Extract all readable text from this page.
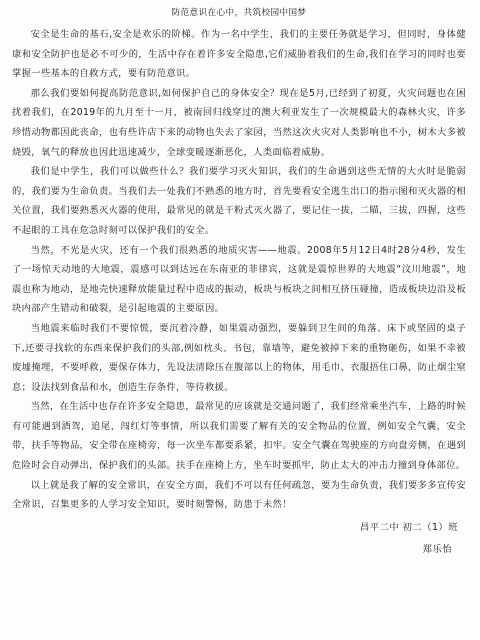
防范意识在心中，共筑校园中国梦

安全是生命的基石,安全是欢乐的阶梯。作为一名中学生，我们的主要任务就是学习，但同时，身体健康和安全防护也是必不可少的，生活中存在着许多安全隐患,它们威胁着我们的生命,我们在学习的同时也要掌握一些基本的自救方式，要有防范意识。

那么我们要如何提高防范意识,如何保护自己的身体安全？现在是5月,已经到了初夏，火灾问题也在困扰着我们，在2019年的九月至十一月，被南回归线穿过的澳大利亚发生了一次规模最大的森林火灾，许多珍惜动物都因此丧命，也有些许店下来的动物也失去了家园，当然这次火灾对人类影响也不小，树木大多被烧毁，氧气的释放也因此迅速减少，全球变暖逐渐恶化，人类面临着威胁。

我们是中学生，我们可以做些什么？我们要学习灭火知识，我们的生命遇到这些无情的大火时是脆弱的，我们要为生命负责。当我们去一处我们不熟悉的地方时，首先要看安全逃生出口的指示图和灭火器的相关位置，我们要熟悉灭火器的使用，最常见的就是干粉式灭火器了，要记住一拔，二瞄，三拔，四握，这些不起眼的工具在危急时刻可以保护我们的安全。

当然，不光是火灾，还有一个我们很熟悉的地质灾害——地震。2008年5月12日4时28分4秒，发生了一场惊天动地的大地震，震感可以到达远在东南亚的菲律宾，这就是震惊世界的大地震“汶川地震”，地震也称为地动，是地壳快速释放能量过程中造成的振动，板块与板块之间相互挤压碰撞，造成板块边沿及板块内部产生错动和破裂，是引起地震的主要原因。

当地震来临时我们不要惊慌，要沉着冷静，如果震动强烈，要躲到卫生间的角落、床下或坚固的桌子下,还要寻找软的东西来保护我们的头部,例如枕头、书包，靠墙等，避免被掉下来的重物砸伤，如果不幸被废墟掩埋，不要呼救，要保存体力，先设法清除压在腹部以上的物体，用毛巾、衣服捂住口鼻，防止烟尘窒息；设法找到食品和水，创造生存条件，等待救援。

当然，在生活中也存在许多安全隐患，最常见的应该就是交通问题了，我们经常乘坐汽车，上路的时候有可能遇到酒驾，追尾，闯红灯等事情，所以我们需要了解有关的安全物品的位置，例如安全气囊，安全带，扶手等物品，安全带在座椅旁，每一次坐车都要系紧，扣牢。安全气囊在驾驶座的方向盘旁侧，在遇到危险时会自动弹出，保护我们的头部。扶手在座椅上方，坐车时要抓牢，防止太大的冲击力撞到身体部位。

以上就是我了解的安全常识，在安全方面，我们不可以有任何疏忽，要为生命负责，我们要多多宣传安全常识，召集更多的人学习安全知识，要时刻警惕，防患于未然！

昌平二中 初二（1）班
郑乐怡
